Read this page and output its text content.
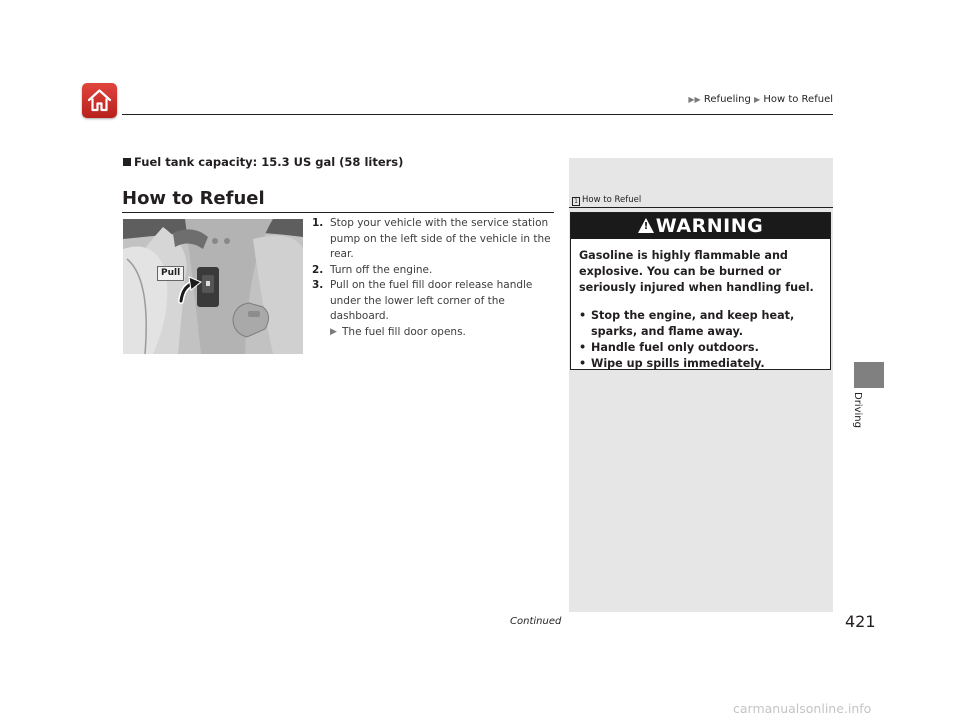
▶▶ Refueling ▶ How to Refuel
Fuel tank capacity: 15.3 US gal (58 liters)
How to Refuel
Pull
1. Stop your vehicle with the service station pump on the left side of the vehicle in the rear.
2. Turn off the engine.
3. Pull on the fuel fill door release handle under the lower left corner of the dashboard.
▶ The fuel fill door opens.
1 How to Refuel
! WARNING

Gasoline is highly flammable and explosive. You can be burned or seriously injured when handling fuel.

• Stop the engine, and keep heat, sparks, and flame away.
• Handle fuel only outdoors.
• Wipe up spills immediately.
Driving
Continued	421
carmanualsonline.info
